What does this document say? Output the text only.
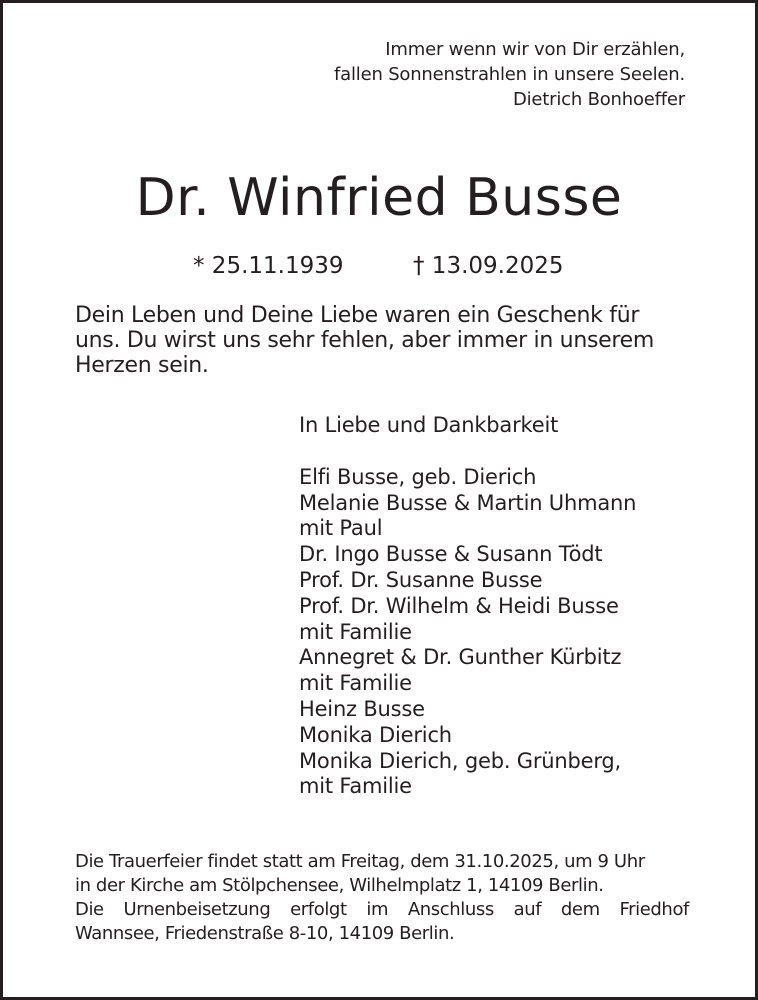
Immer wenn wir von Dir erzählen,
fallen Sonnenstrahlen in unsere Seelen.
Dietrich Bonhoeffer
Dr. Winfried Busse
* 25.11.1939	† 13.09.2025
Dein Leben und Deine Liebe waren ein Geschenk für
uns. Du wirst uns sehr fehlen, aber immer in unserem
Herzen sein.
In Liebe und Dankbarkeit
Elfi Busse, geb. Dierich
Melanie Busse & Martin Uhmann
mit Paul
Dr. Ingo Busse & Susann Tödt
Prof. Dr. Susanne Busse
Prof. Dr. Wilhelm & Heidi Busse
mit Familie
Annegret & Dr. Gunther Kürbitz
mit Familie
Heinz Busse
Monika Dierich
Monika Dierich, geb. Grünberg,
mit Familie
Die Trauerfeier findet statt am Freitag, dem 31.10.2025, um 9 Uhr
in der Kirche am Stölpchensee, Wilhelmplatz 1, 14109 Berlin.
Die Urnenbeisetzung erfolgt im Anschluss auf dem Friedhof
Wannsee, Friedenstraße 8-10, 14109 Berlin.
